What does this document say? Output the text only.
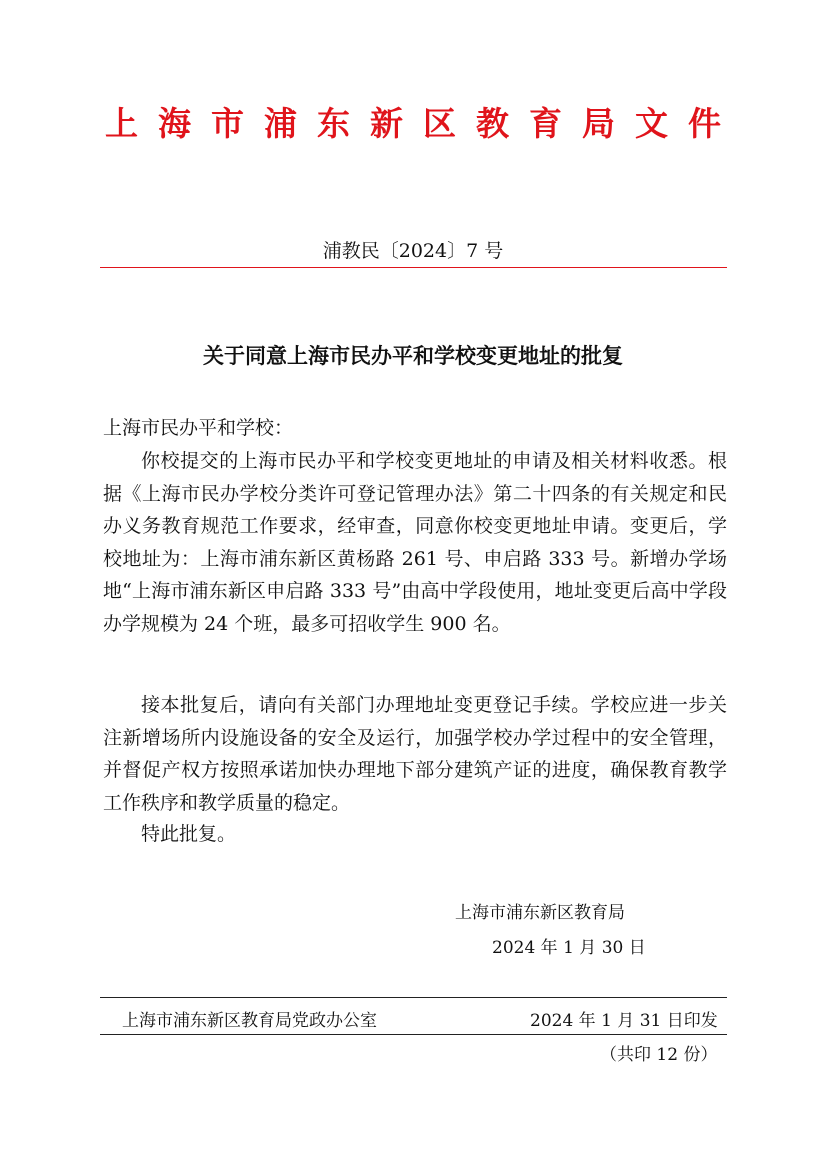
上海市浦东新区教育局文件
浦教民〔2024〕7 号
关于同意上海市民办平和学校变更地址的批复
上海市民办平和学校：

你校提交的上海市民办平和学校变更地址的申请及相关材料收悉。根据《上海市民办学校分类许可登记管理办法》第二十四条的有关规定和民办义务教育规范工作要求，经审查，同意你校变更地址申请。变更后，学校地址为：上海市浦东新区黄杨路 261 号、申启路 333 号。新增办学场地“上海市浦东新区申启路 333 号”由高中学段使用，地址变更后高中学段办学规模为 24 个班，最多可招收学生 900 名。

接本批复后，请向有关部门办理地址变更登记手续。学校应进一步关注新增场所内设施设备的安全及运行，加强学校办学过程中的安全管理，并督促产权方按照承诺加快办理地下部分建筑产证的进度，确保教育教学工作秩序和教学质量的稳定。

特此批复。

上海市浦东新区教育局
2024 年 1 月 30 日
上海市浦东新区教育局党政办公室	2024 年 1 月 31 日印发
（共印 12 份）
